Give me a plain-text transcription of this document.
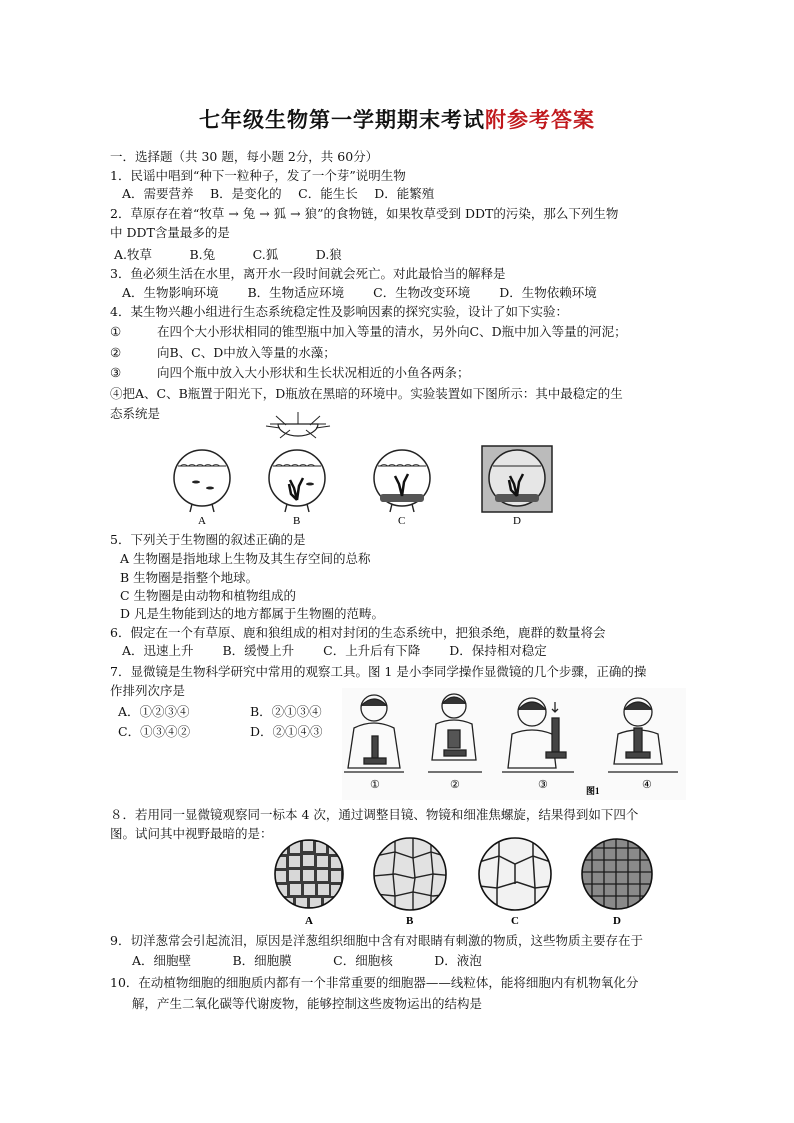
七年级生物第一学期期末考试附参考答案
一．选择题（共 30 题，每小题 2分，共 60分）
1．民谣中唱到“种下一粒种子，发了一个芽”说明生物
A．需要营养　 B．是变化的　 C．能生长　 D．能繁殖
2．草原存在着“牧草 → 兔 → 狐 → 狼”的食物链，如果牧草受到 DDT的污染，那么下列生物
中 DDT含量最多的是
A.牧草　　　B.兔　　　C.狐　　　D.狼
3．鱼必须生活在水里，离开水一段时间就会死亡。对此最恰当的解释是
A．生物影响环境　　 B．生物适应环境　　 C．生物改变环境　　 D．生物依赖环境
4．某生物兴趣小组进行生态系统稳定性及影响因素的探究实验，设计了如下实验：
①	在四个大小形状相同的锥型瓶中加入等量的清水，另外向C、D瓶中加入等量的河泥；
②	向B、C、D中放入等量的水藻；
③	向四个瓶中放入大小形状和生长状况相近的小鱼各两条；
④把A、C、B瓶置于阳光下，D瓶放在黑暗的环境中。实验装置如下图所示：其中最稳定的生
态系统是
A	B	C	D
5．下列关于生物圈的叙述正确的是
A 生物圈是指地球上生物及其生存空间的总称
B 生物圈是指整个地球。
C 生物圈是由动物和植物组成的
D 凡是生物能到达的地方都属于生物圈的范畴。
6．假定在一个有草原、鹿和狼组成的相对封闭的生态系统中，把狼杀绝，鹿群的数量将会
A．迅速上升　　 B．缓慢上升　　 C．上升后有下降　　 D．保持相对稳定
7．显微镜是生物科学研究中常用的观察工具。图 1 是小李同学操作显微镜的几个步骤，正确的操
作排列次序是
A．①②③④	B．②①③④
C．①③④②	D．②①④③
①	②	③	④
图1
８．若用同一显微镜观察同一标本 4 次，通过调整目镜、物镜和细准焦螺旋，结果得到如下四个
图。试问其中视野最暗的是：
A	B	C	D
9．切洋葱常会引起流泪，原因是洋葱组织细胞中含有对眼睛有刺激的物质，这些物质主要存在于
A．细胞壁　　　 B．细胞膜　　　 C．细胞核　　　 D．液泡
10．在动植物细胞的细胞质内都有一个非常重要的细胞器——线粒体，能将细胞内有机物氧化分
解，产生二氧化碳等代谢废物，能够控制这些废物运出的结构是
